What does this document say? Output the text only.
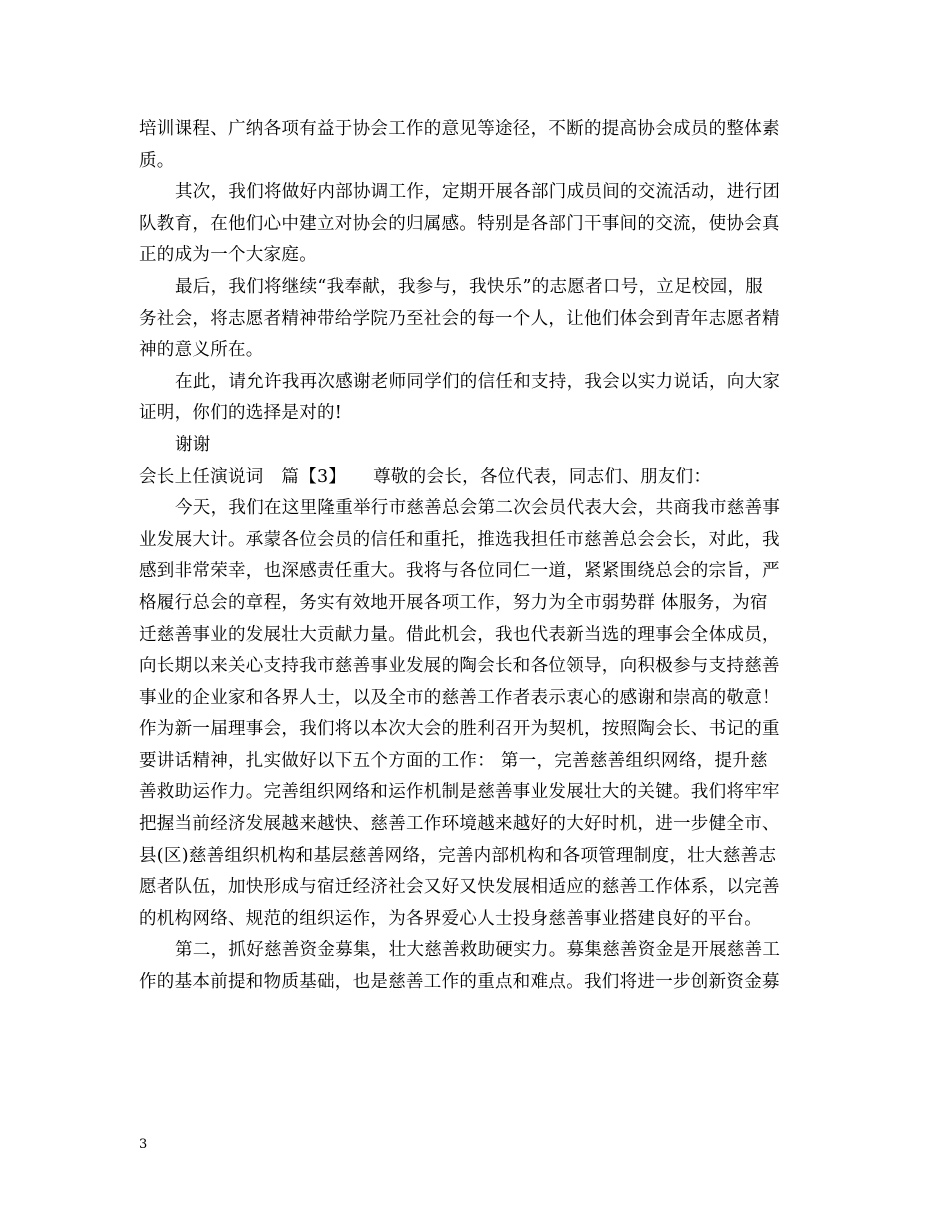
培训课程、广纳各项有益于协会工作的意见等途径，不断的提高协会成员的整体素
质。
其次，我们将做好内部协调工作，定期开展各部门成员间的交流活动，进行团
队教育，在他们心中建立对协会的归属感。特别是各部门干事间的交流，使协会真
正的成为一个大家庭。
最后，我们将继续“我奉献，我参与，我快乐”的志愿者口号，立足校园，服
务社会，将志愿者精神带给学院乃至社会的每一个人，让他们体会到青年志愿者精
神的意义所在。
在此，请允许我再次感谢老师同学们的信任和支持，我会以实力说话，向大家
证明，你们的选择是对的!
谢谢
会长上任演说词　篇【3】　　尊敬的会长，各位代表，同志们、朋友们：
今天，我们在这里隆重举行市慈善总会第二次会员代表大会，共商我市慈善事
业发展大计。承蒙各位会员的信任和重托，推选我担任市慈善总会会长，对此，我
感到非常荣幸，也深感责任重大。我将与各位同仁一道，紧紧围绕总会的宗旨，严
格履行总会的章程，务实有效地开展各项工作，努力为全市弱势群 体服务，为宿
迁慈善事业的发展壮大贡献力量。借此机会，我也代表新当选的理事会全体成员，
向长期以来关心支持我市慈善事业发展的陶会长和各位领导，向积极参与支持慈善
事业的企业家和各界人士，以及全市的慈善工作者表示衷心的感谢和崇高的敬意！
作为新一届理事会，我们将以本次大会的胜利召开为契机，按照陶会长、书记的重
要讲话精神，扎实做好以下五个方面的工作： 第一，完善慈善组织网络，提升慈
善救助运作力。完善组织网络和运作机制是慈善事业发展壮大的关键。我们将牢牢
把握当前经济发展越来越快、慈善工作环境越来越好的大好时机，进一步健全市、
县(区)慈善组织机构和基层慈善网络，完善内部机构和各项管理制度，壮大慈善志
愿者队伍，加快形成与宿迁经济社会又好又快发展相适应的慈善工作体系，以完善
的机构网络、规范的组织运作，为各界爱心人士投身慈善事业搭建良好的平台。
第二，抓好慈善资金募集，壮大慈善救助硬实力。募集慈善资金是开展慈善工
作的基本前提和物质基础，也是慈善工作的重点和难点。我们将进一步创新资金募
3
